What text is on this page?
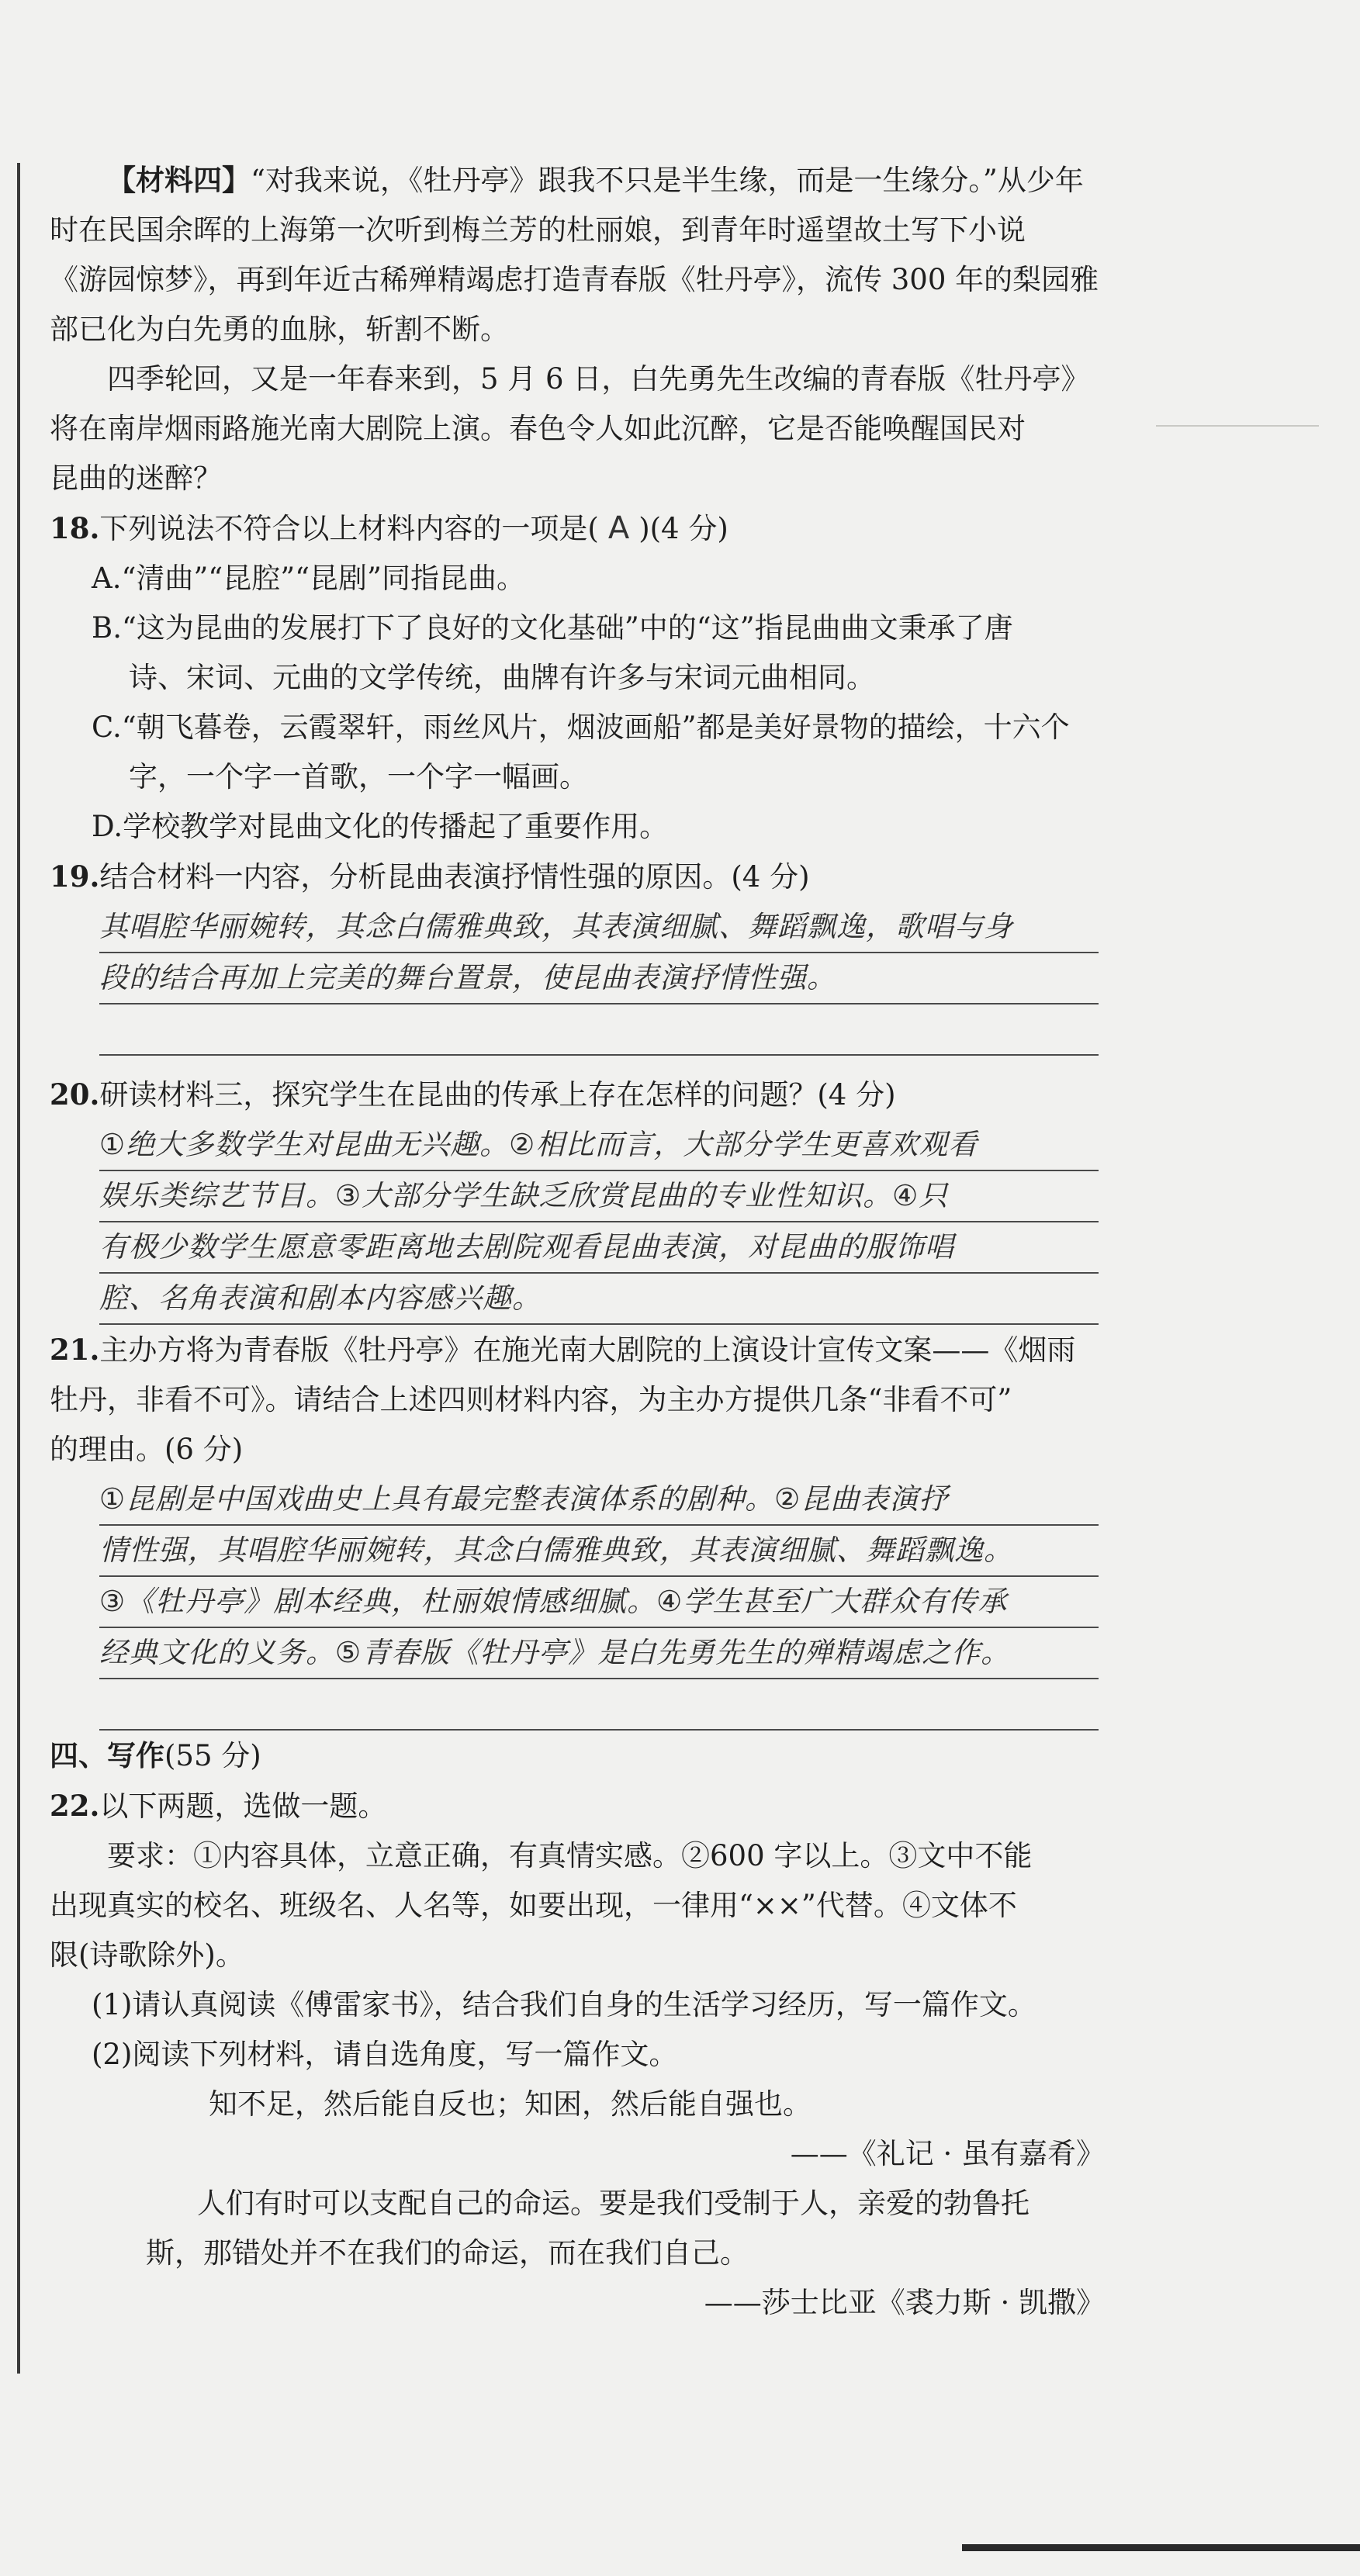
【材料四】“对我来说，《牡丹亭》跟我不只是半生缘，而是一生缘分。”从少年

时在民国余晖的上海第一次听到梅兰芳的杜丽娘，到青年时遥望故土写下小说

《游园惊梦》，再到年近古稀殚精竭虑打造青春版《牡丹亭》，流传 300 年的梨园雅

部已化为白先勇的血脉，斩割不断。

四季轮回，又是一年春来到，5 月 6 日，白先勇先生改编的青春版《牡丹亭》

将在南岸烟雨路施光南大剧院上演。春色令人如此沉醉，它是否能唤醒国民对

昆曲的迷醉？

18.下列说法不符合以上材料内容的一项是( A )(4 分)

A.“清曲”“昆腔”“昆剧”同指昆曲。

B.“这为昆曲的发展打下了良好的文化基础”中的“这”指昆曲曲文秉承了唐

诗、宋词、元曲的文学传统，曲牌有许多与宋词元曲相同。

C.“朝飞暮卷，云霞翠轩，雨丝风片，烟波画船”都是美好景物的描绘，十六个

字，一个字一首歌，一个字一幅画。

D.学校教学对昆曲文化的传播起了重要作用。

19.结合材料一内容，分析昆曲表演抒情性强的原因。(4 分)

其唱腔华丽婉转，其念白儒雅典致，其表演细腻、舞蹈飘逸，歌唱与身
段的结合再加上完美的舞台置景，使昆曲表演抒情性强。

20.研读材料三，探究学生在昆曲的传承上存在怎样的问题？(4 分)

①绝大多数学生对昆曲无兴趣。②相比而言，大部分学生更喜欢观看
娱乐类综艺节目。③大部分学生缺乏欣赏昆曲的专业性知识。④只
有极少数学生愿意零距离地去剧院观看昆曲表演，对昆曲的服饰唱
腔、名角表演和剧本内容感兴趣。

21.主办方将为青春版《牡丹亭》在施光南大剧院的上演设计宣传文案——《烟雨

牡丹，非看不可》。请结合上述四则材料内容，为主办方提供几条“非看不可”

的理由。(6 分)

①昆剧是中国戏曲史上具有最完整表演体系的剧种。②昆曲表演抒
情性强，其唱腔华丽婉转，其念白儒雅典致，其表演细腻、舞蹈飘逸。
③《牡丹亭》剧本经典，杜丽娘情感细腻。④学生甚至广大群众有传承
经典文化的义务。⑤青春版《牡丹亭》是白先勇先生的殚精竭虑之作。

四、写作(55 分)

22.以下两题，选做一题。

要求：①内容具体，立意正确，有真情实感。②600 字以上。③文中不能

出现真实的校名、班级名、人名等，如要出现，一律用“××”代替。④文体不

限(诗歌除外)。

(1)请认真阅读《傅雷家书》，结合我们自身的生活学习经历，写一篇作文。

(2)阅读下列材料，请自选角度，写一篇作文。

知不足，然后能自反也；知困，然后能自强也。

——《礼记 · 虽有嘉肴》

人们有时可以支配自己的命运。要是我们受制于人，亲爱的勃鲁托

斯，那错处并不在我们的命运，而在我们自己。

——莎士比亚《裘力斯 · 凯撒》
